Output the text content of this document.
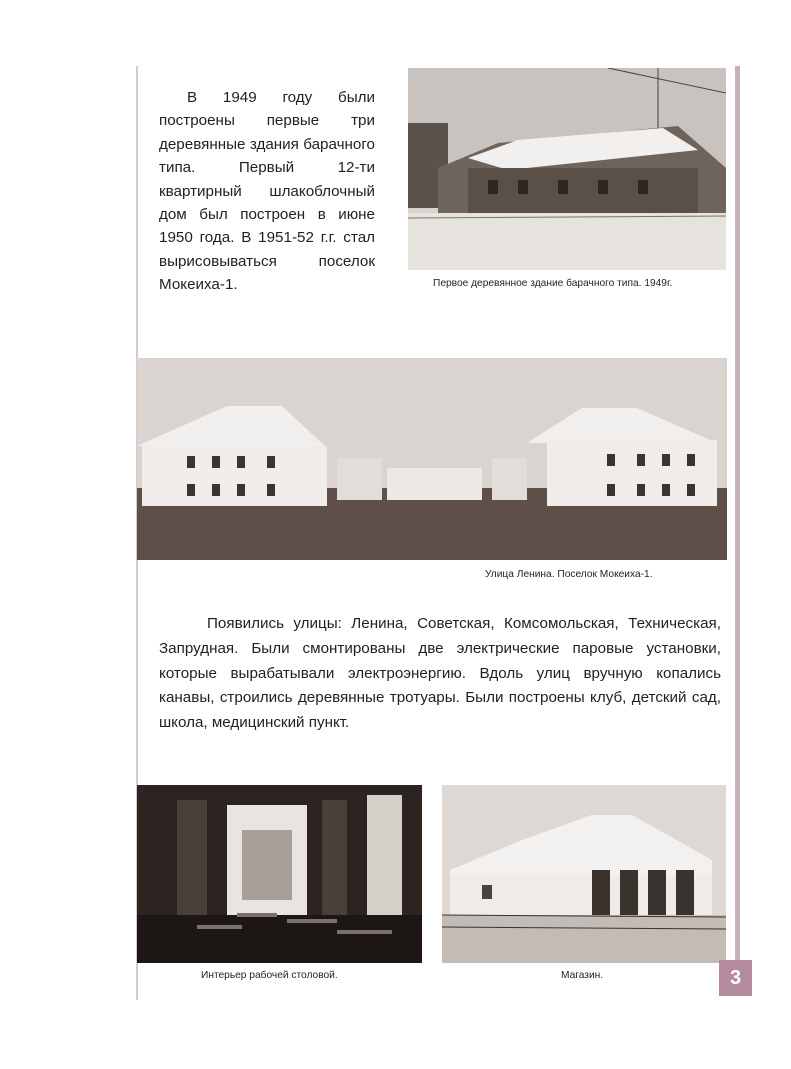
В 1949 году были построены первые три деревянные здания барачного типа. Первый 12-ти квартирный шлакоблочный дом был построен в июне 1950 года. В 1951-52 г.г. стал вырисовываться поселок Мокеиха-1.	Первое деревянное здание барачного типа. 1949г.
Улица Ленина. Поселок Мокеиха-1.

Появились улицы: Ленина, Советская, Комсомольская, Техническая, Запрудная. Были смонтированы две электрические паровые установки, которые вырабатывали электроэнергию. Вдоль улиц вручную копались канавы, строились деревянные тротуары. Были построены клуб, детский сад, школа, медицинский пункт.

Интерьер рабочей столовой.	Магазин.	3
